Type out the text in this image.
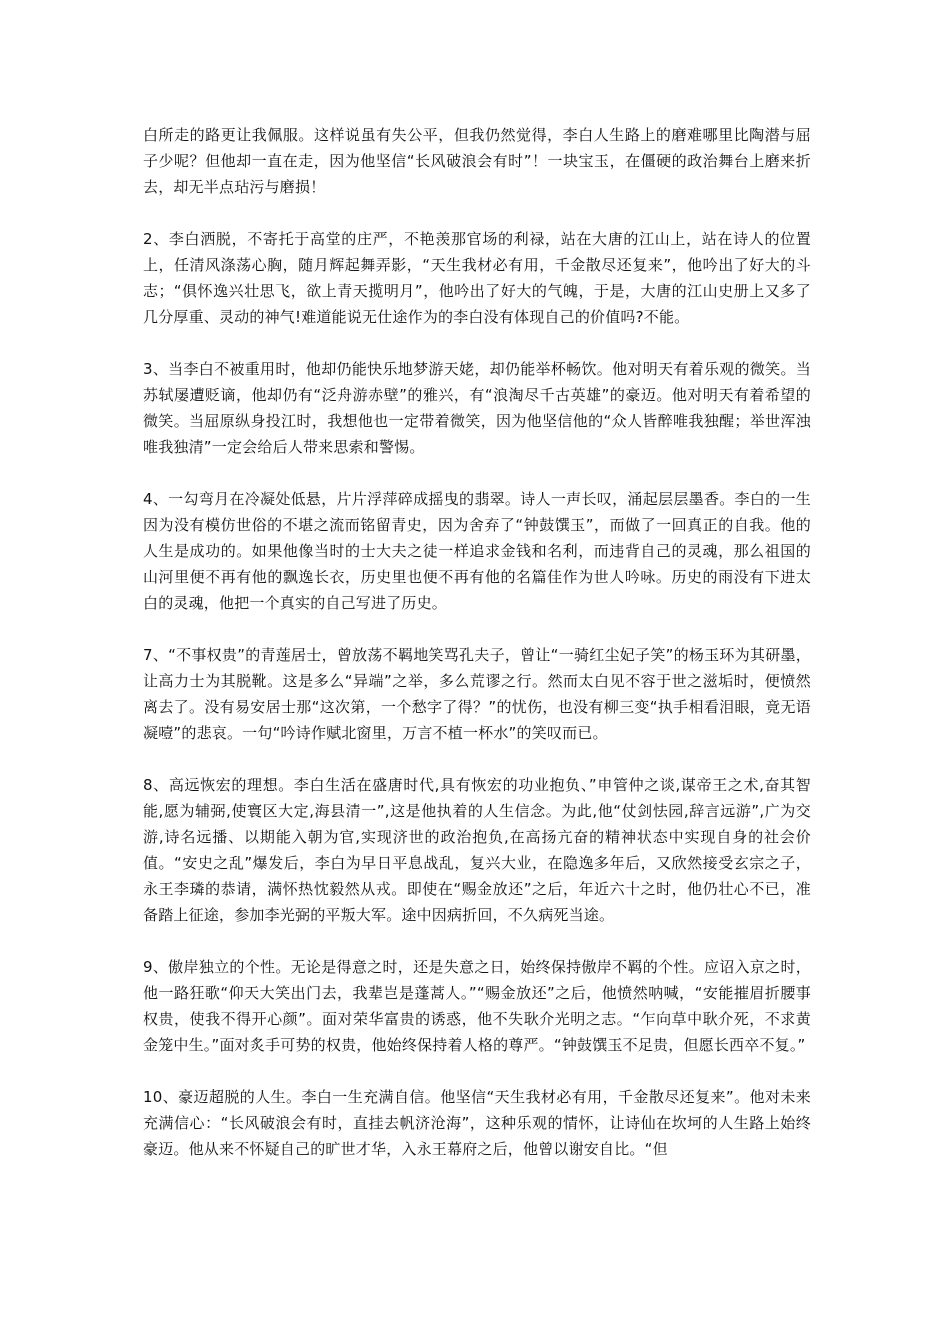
白所走的路更让我佩服。这样说虽有失公平，但我仍然觉得，李白人生路上的磨难哪里比陶潜与屈子少呢？但他却一直在走，因为他坚信“长风破浪会有时”！一块宝玉，在僵硬的政治舞台上磨来折去，却无半点玷污与磨损！

2、李白洒脱，不寄托于高堂的庄严，不艳羡那官场的利禄，站在大唐的江山上，站在诗人的位置上，任清风涤荡心胸，随月辉起舞弄影，“天生我材必有用，千金散尽还复来”，他吟出了好大的斗志；“俱怀逸兴壮思飞，欲上青天揽明月”，他吟出了好大的气魄，于是，大唐的江山史册上又多了几分厚重、灵动的神气!难道能说无仕途作为的李白没有体现自己的价值吗?不能。

3、当李白不被重用时，他却仍能快乐地梦游天姥，却仍能举杯畅饮。他对明天有着乐观的微笑。当苏轼屡遭贬谪，他却仍有“泛舟游赤壁”的雅兴，有“浪淘尽千古英雄”的豪迈。他对明天有着希望的微笑。当屈原纵身投江时，我想他也一定带着微笑，因为他坚信他的“众人皆醉唯我独醒；举世浑浊唯我独清”一定会给后人带来思索和警惕。

4、一勾弯月在冷凝处低悬，片片浮萍碎成摇曳的翡翠。诗人一声长叹，涌起层层墨香。李白的一生因为没有模仿世俗的不堪之流而铭留青史，因为舍弃了“钟鼓馔玉”，而做了一回真正的自我。他的人生是成功的。如果他像当时的士大夫之徒一样追求金钱和名利，而违背自己的灵魂，那么祖国的山河里便不再有他的飘逸长衣，历史里也便不再有他的名篇佳作为世人吟咏。历史的雨没有下进太白的灵魂，他把一个真实的自己写进了历史。

7、“不事权贵”的青莲居士，曾放荡不羁地笑骂孔夫子，曾让“一骑红尘妃子笑”的杨玉环为其研墨，让高力士为其脱靴。这是多么“异端”之举，多么荒谬之行。然而太白见不容于世之滋垢时，便愤然离去了。没有易安居士那“这次第，一个愁字了得？”的忧伤，也没有柳三变“执手相看泪眼，竟无语凝噎”的悲哀。一句“吟诗作赋北窗里，万言不植一杯水”的笑叹而已。

8、高远恢宏的理想。李白生活在盛唐时代,具有恢宏的功业抱负、”申管仲之谈,谋帝王之术,奋其智能,愿为辅弼,使寰区大定,海县清一”,这是他执着的人生信念。为此,他“仗剑怯园,辞言远游”,广为交游,诗名远播、以期能入朝为官,实现济世的政治抱负,在高扬亢奋的精神状态中实现自身的社会价值。“安史之乱”爆发后，李白为早日平息战乱，复兴大业，在隐逸多年后，又欣然接受玄宗之子，永王李璘的恭请，满怀热忱毅然从戎。即使在“赐金放还”之后，年近六十之时，他仍壮心不已，准备踏上征途，参加李光弼的平叛大军。途中因病折回，不久病死当途。

9、傲岸独立的个性。无论是得意之时，还是失意之日，始终保持傲岸不羁的个性。应诏入京之时，他一路狂歌“仰天大笑出门去，我辈岂是蓬蒿人。”“赐金放还”之后，他愤然呐喊，“安能摧眉折腰事权贵，使我不得开心颜”。面对荣华富贵的诱惑，他不失耿介光明之志。“乍向草中耿介死，不求黄金笼中生。”面对炙手可势的权贵，他始终保持着人格的尊严。“钟鼓馔玉不足贵，但愿长西卒不复。”

10、豪迈超脱的人生。李白一生充满自信。他坚信“天生我材必有用，千金散尽还复来”。他对未来充满信心：“长风破浪会有时，直挂去帆济沧海”，这种乐观的情怀，让诗仙在坎坷的人生路上始终豪迈。他从来不怀疑自己的旷世才华，入永王幕府之后，他曾以谢安自比。“但
